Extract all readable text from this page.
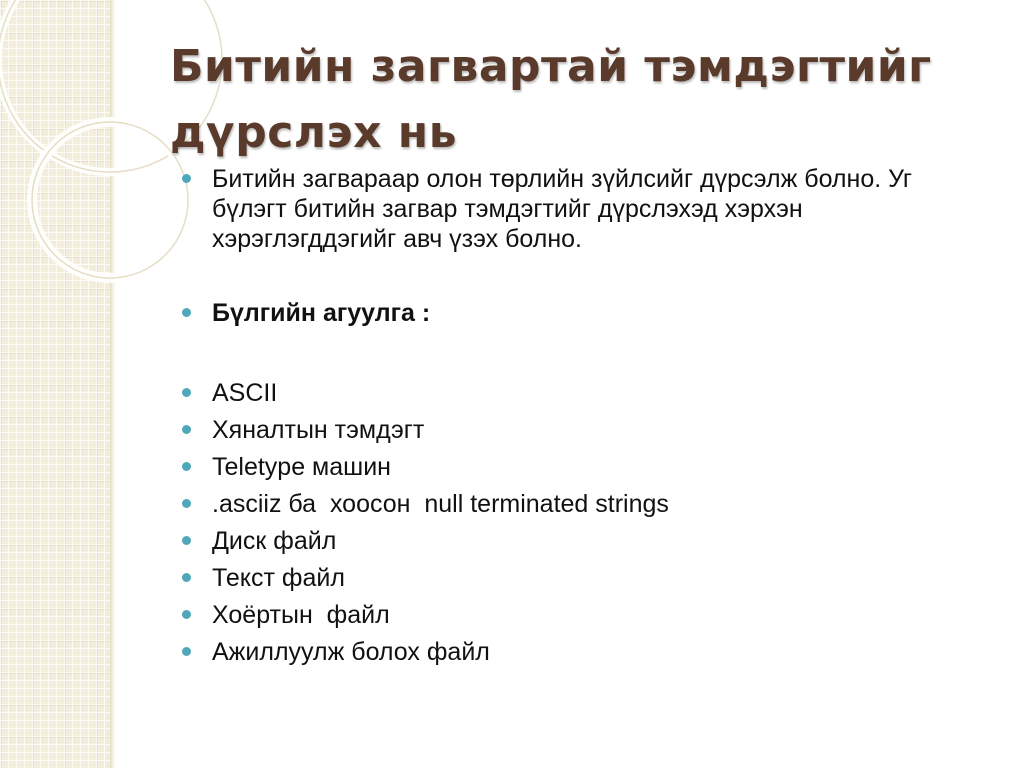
Битийн загвартай тэмдэгтийг дүрслэх нь
Битийн загвараар олон төрлийн зүйлсийг дүрсэлж болно. Уг бүлэгт битийн загвар тэмдэгтийг дүрслэхэд хэрхэн хэрэглэгддэгийг авч үзэх болно.
Бүлгийн агуулга :
ASCII
Хяналтын тэмдэгт
Teletype машин
.asciiz ба  хоосон  null terminated strings
Диск файл
Текст файл
Хоёртын  файл
Ажиллуулж болох файл
